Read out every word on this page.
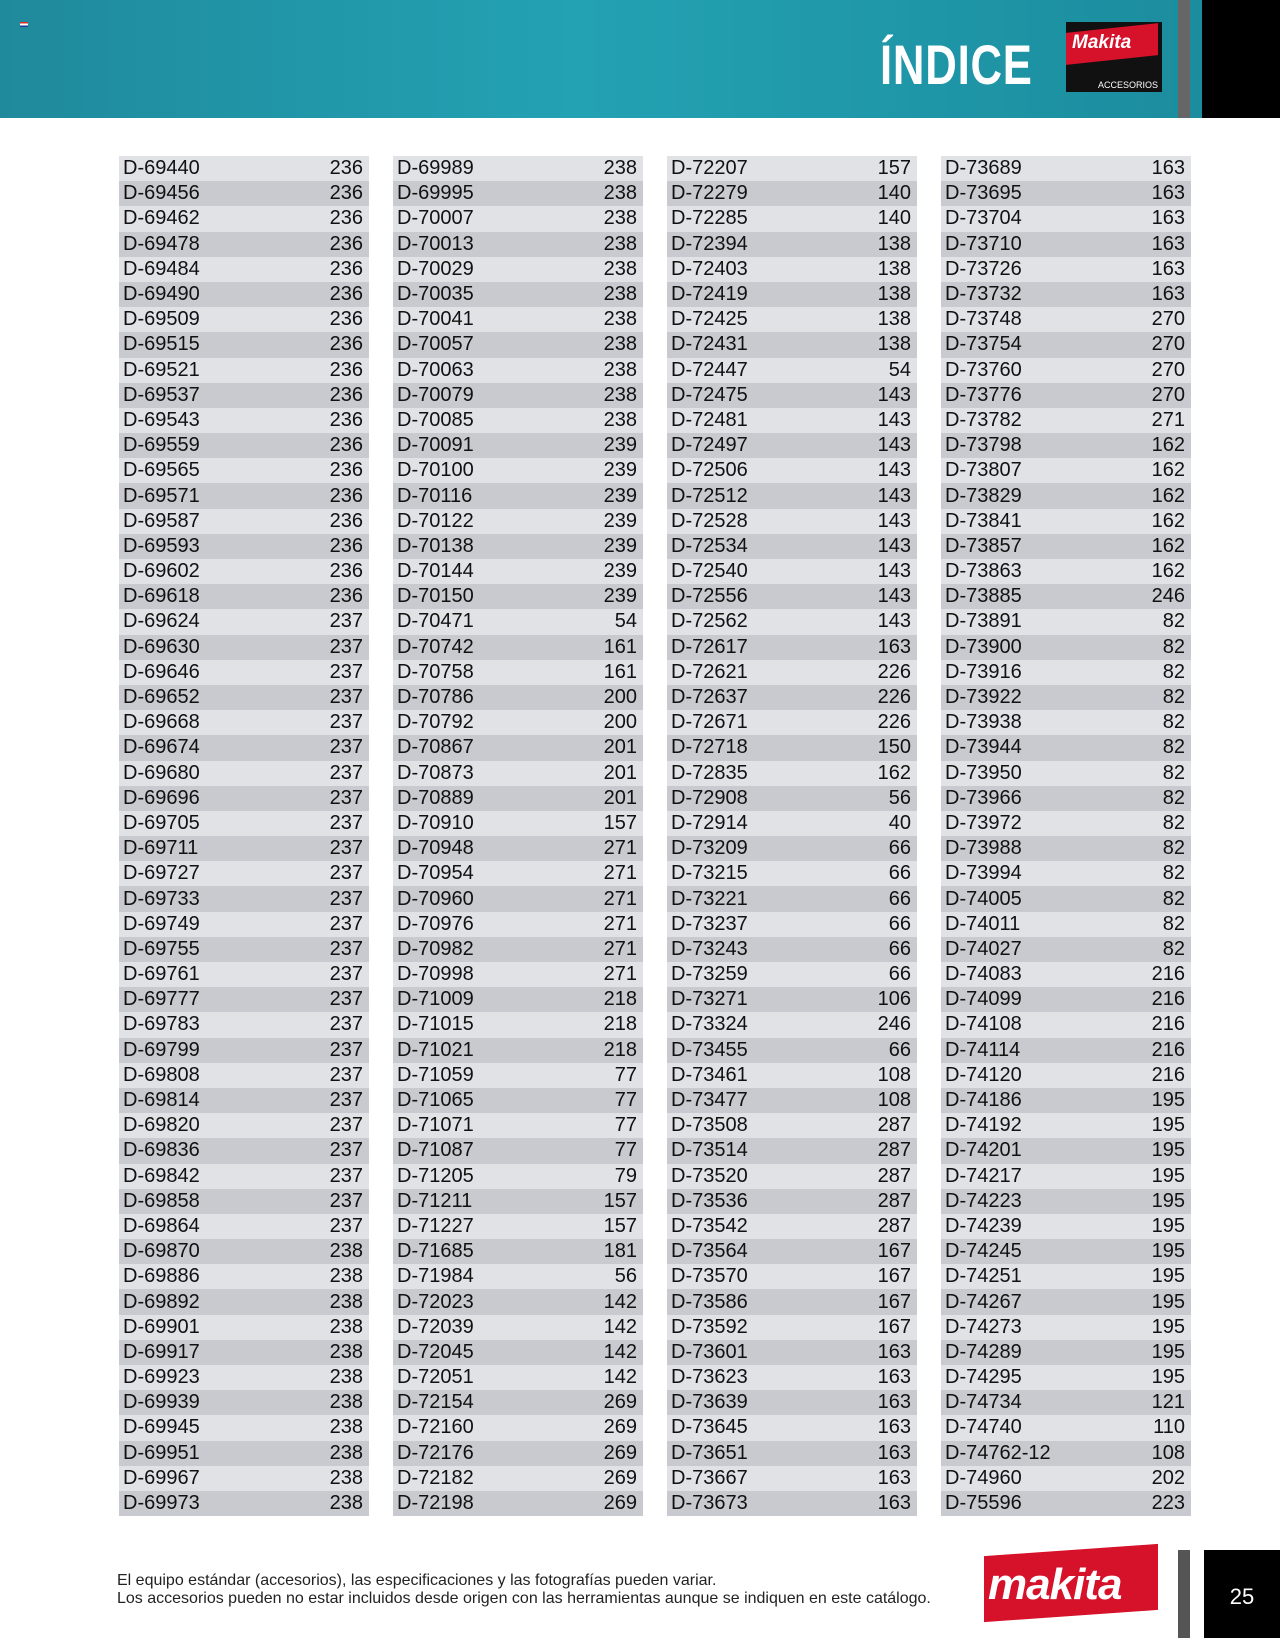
ÍNDICE Makita
ACCESORIOS
D-69440	236
D-69456	236
D-69462	236
D-69478	236
D-69484	236
D-69490	236
D-69509	236
D-69515	236
D-69521	236
D-69537	236
D-69543	236
D-69559	236
D-69565	236
D-69571	236
D-69587	236
D-69593	236
D-69602	236
D-69618	236
D-69624	237
D-69630	237
D-69646	237
D-69652	237
D-69668	237
D-69674	237
D-69680	237
D-69696	237
D-69705	237
D-69711	237
D-69727	237
D-69733	237
D-69749	237
D-69755	237
D-69761	237
D-69777	237
D-69783	237
D-69799	237
D-69808	237
D-69814	237
D-69820	237
D-69836	237
D-69842	237
D-69858	237
D-69864	237
D-69870	238
D-69886	238
D-69892	238
D-69901	238
D-69917	238
D-69923	238
D-69939	238
D-69945	238
D-69951	238
D-69967	238
D-69973	238
D-69989	238
D-69995	238
D-70007	238
D-70013	238
D-70029	238
D-70035	238
D-70041	238
D-70057	238
D-70063	238
D-70079	238
D-70085	238
D-70091	239
D-70100	239
D-70116	239
D-70122	239
D-70138	239
D-70144	239
D-70150	239
D-70471	54
D-70742	161
D-70758	161
D-70786	200
D-70792	200
D-70867	201
D-70873	201
D-70889	201
D-70910	157
D-70948	271
D-70954	271
D-70960	271
D-70976	271
D-70982	271
D-70998	271
D-71009	218
D-71015	218
D-71021	218
D-71059	77
D-71065	77
D-71071	77
D-71087	77
D-71205	79
D-71211	157
D-71227	157
D-71685	181
D-71984	56
D-72023	142
D-72039	142
D-72045	142
D-72051	142
D-72154	269
D-72160	269
D-72176	269
D-72182	269
D-72198	269
D-72207	157
D-72279	140
D-72285	140
D-72394	138
D-72403	138
D-72419	138
D-72425	138
D-72431	138
D-72447	54
D-72475	143
D-72481	143
D-72497	143
D-72506	143
D-72512	143
D-72528	143
D-72534	143
D-72540	143
D-72556	143
D-72562	143
D-72617	163
D-72621	226
D-72637	226
D-72671	226
D-72718	150
D-72835	162
D-72908	56
D-72914	40
D-73209	66
D-73215	66
D-73221	66
D-73237	66
D-73243	66
D-73259	66
D-73271	106
D-73324	246
D-73455	66
D-73461	108
D-73477	108
D-73508	287
D-73514	287
D-73520	287
D-73536	287
D-73542	287
D-73564	167
D-73570	167
D-73586	167
D-73592	167
D-73601	163
D-73623	163
D-73639	163
D-73645	163
D-73651	163
D-73667	163
D-73673	163
D-73689	163
D-73695	163
D-73704	163
D-73710	163
D-73726	163
D-73732	163
D-73748	270
D-73754	270
D-73760	270
D-73776	270
D-73782	271
D-73798	162
D-73807	162
D-73829	162
D-73841	162
D-73857	162
D-73863	162
D-73885	246
D-73891	82
D-73900	82
D-73916	82
D-73922	82
D-73938	82
D-73944	82
D-73950	82
D-73966	82
D-73972	82
D-73988	82
D-73994	82
D-74005	82
D-74011	82
D-74027	82
D-74083	216
D-74099	216
D-74108	216
D-74114	216
D-74120	216
D-74186	195
D-74192	195
D-74201	195
D-74217	195
D-74223	195
D-74239	195
D-74245	195
D-74251	195
D-74267	195
D-74273	195
D-74289	195
D-74295	195
D-74734	121
D-74740	110
D-74762-12	108
D-74960	202
D-75596	223
El equipo estándar (accesorios), las especificaciones y las fotografías pueden variar.
Los accesorios pueden no estar incluidos desde origen con las herramientas aunque se indiquen en este catálogo.	makita	25
